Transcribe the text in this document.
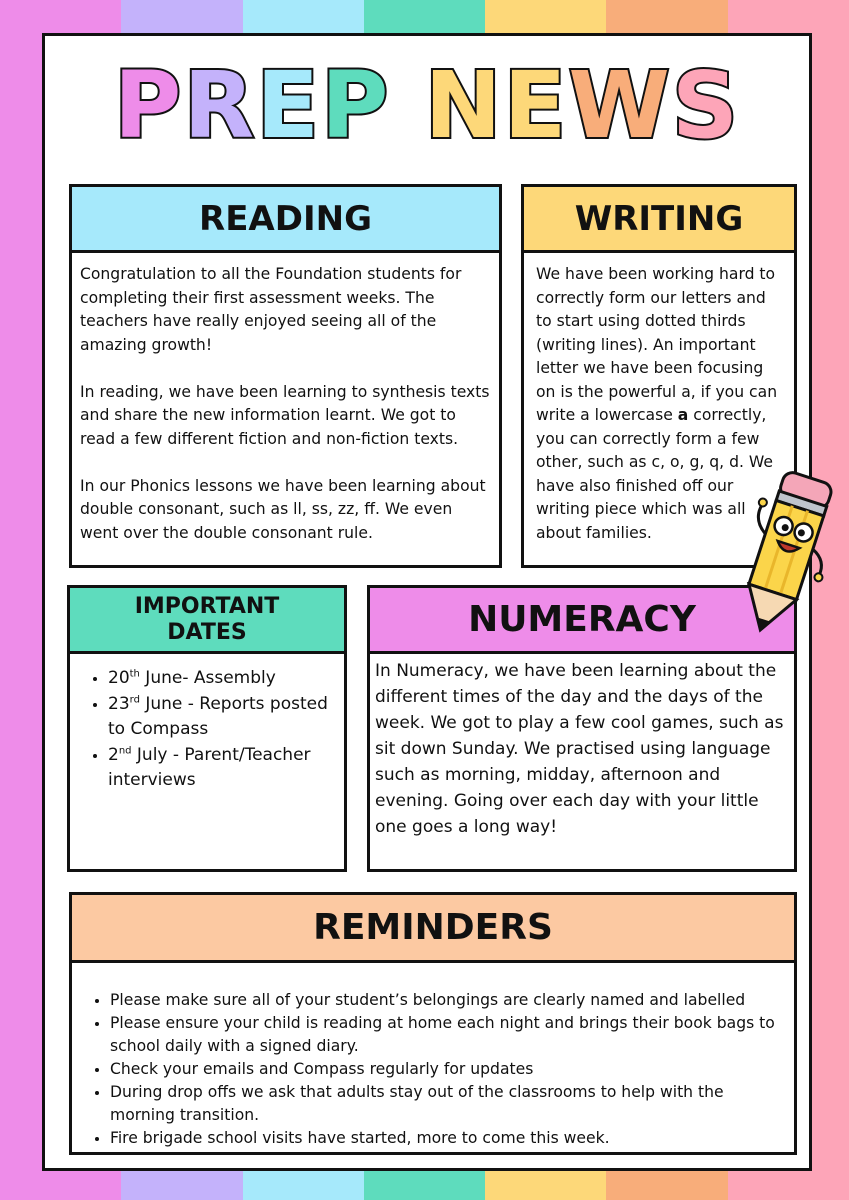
PREP NEWS
READING

Congratulation to all the Foundation students for completing their first assessment weeks. The teachers have really enjoyed seeing all of the amazing growth!

In reading, we have been learning to synthesis texts and share the new information learnt. We got to read a few different fiction and non-fiction texts.

In our Phonics lessons we have been learning about double consonant, such as ll, ss, zz, ff. We even went over the double consonant rule.

WRITING
We have been working hard to correctly form our letters and to start using dotted thirds (writing lines). An important letter we have been focusing on is the powerful a, if you can write a lowercase a correctly, you can correctly form a few other, such as c, o, g, q, d. We have also finished off our writing piece which was all about families.
IMPORTANT
DATES
• 20th June- Assembly
• 23rd June - Reports posted to Compass
• 2nd July - Parent/Teacher interviews
NUMERACY
In Numeracy, we have been learning about the different times of the day and the days of the week. We got to play a few cool games, such as sit down Sunday. We practised using language such as morning, midday, afternoon and evening. Going over each day with your little one goes a long way!
REMINDERS
• Please make sure all of your student’s belongings are clearly named and labelled
• Please ensure your child is reading at home each night and brings their book bags to school daily with a signed diary.
• Check your emails and Compass regularly for updates
• During drop offs we ask that adults stay out of the classrooms to help with the morning transition.
• Fire brigade school visits have started, more to come this week.
